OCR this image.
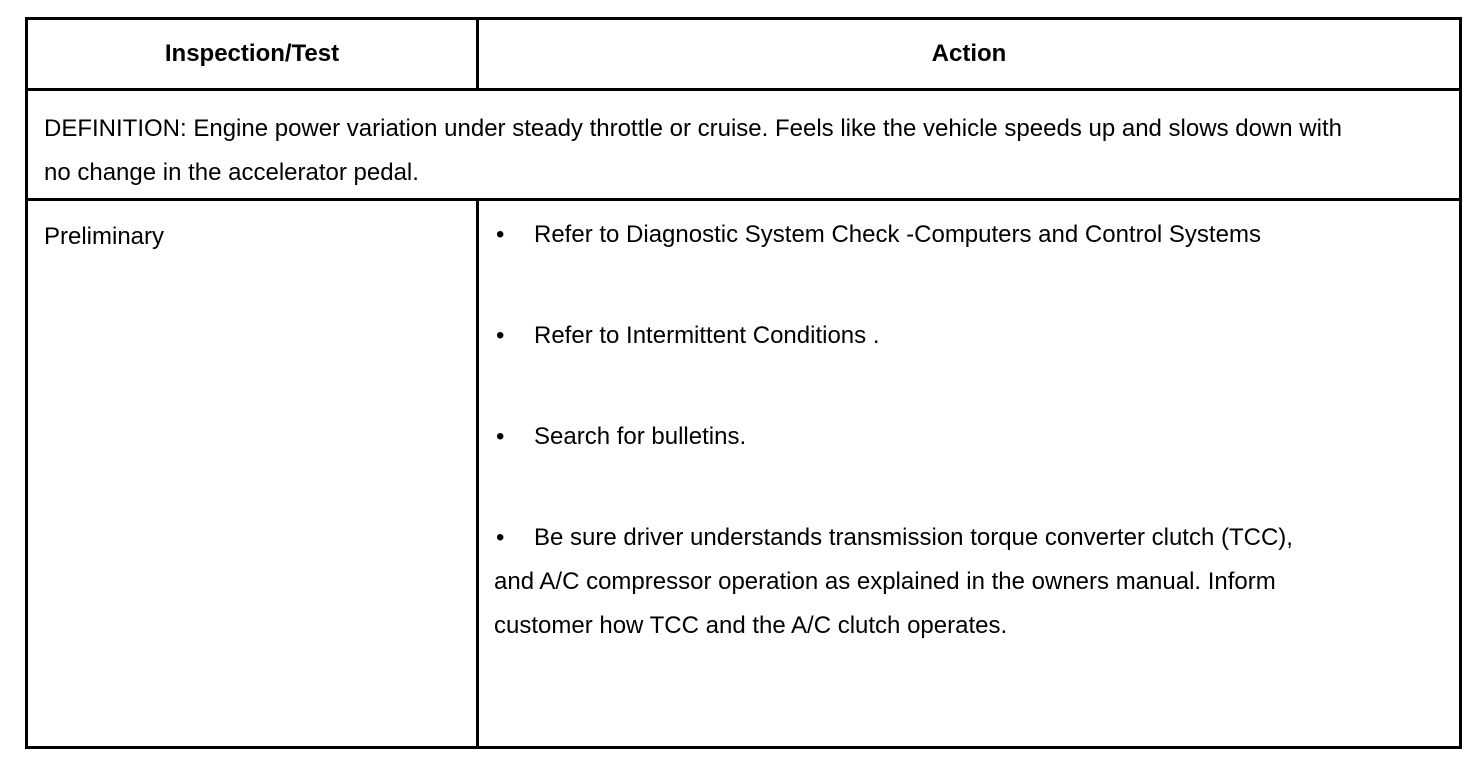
Inspection/Test	Action
DEFINITION: Engine power variation under steady throttle or cruise. Feels like the vehicle speeds up and slows down with no change in the accelerator pedal.
Preliminary	• Refer to Diagnostic System Check -Computers and Control Systems
• Refer to Intermittent Conditions .
• Search for bulletins.
• Be sure driver understands transmission torque converter clutch (TCC), and A/C compressor operation as explained in the owners manual. Inform customer how TCC and the A/C clutch operates.
